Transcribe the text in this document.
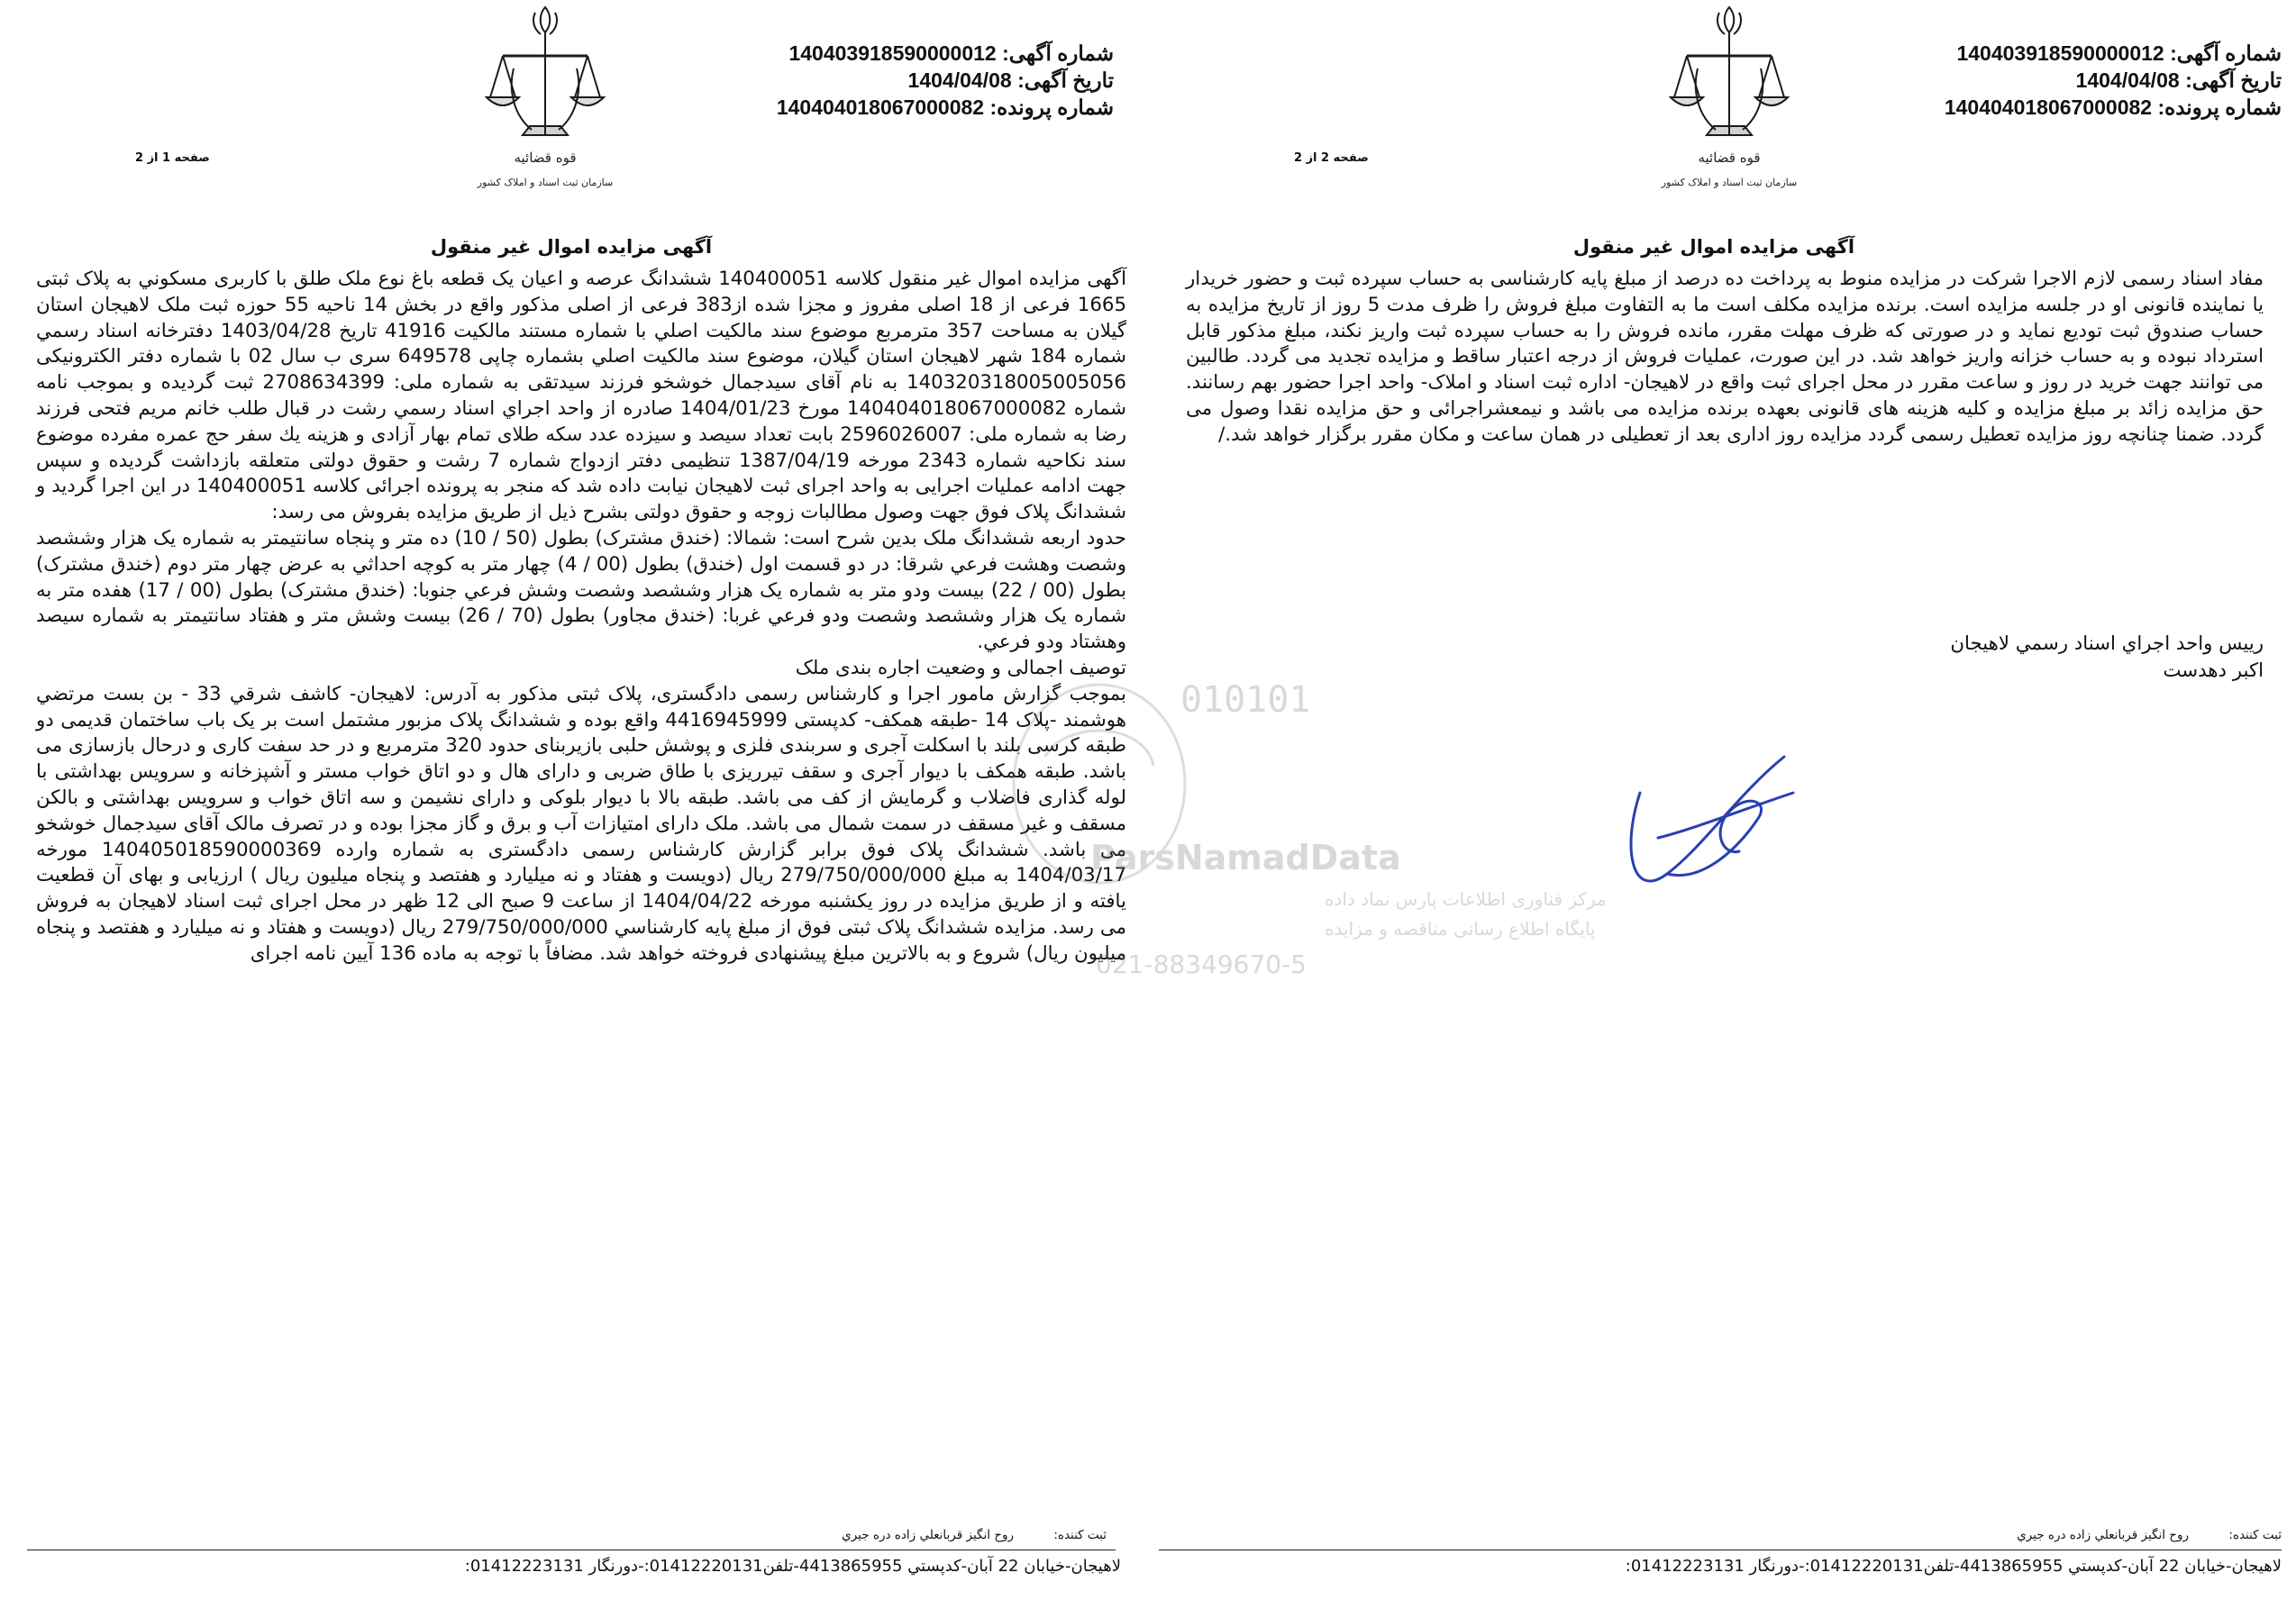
شماره آگهی: 140403918590000012
تاریخ آگهی: 1404/04/08
شماره پرونده: 140404018067000082
قوه قضائیه
سازمان ثبت اسناد و املاک کشور
صفحه 1 از 2
آگهی مزایده اموال غیر منقول
آگهی مزایده اموال غیر منقول کلاسه 140400051 ششدانگ عرصه و اعیان یک قطعه باغ نوع ملک طلق با کاربری مسکوني به پلاک ثبتی 1665 فرعی از 18 اصلی مفروز و مجزا شده از383 فرعی از اصلی مذکور واقع در بخش 14 ناحیه 55 حوزه ثبت ملک لاهیجان استان گیلان به مساحت 357 مترمربع موضوع سند مالکیت اصلي با شماره مستند مالکیت 41916 تاریخ 1403/04/28 دفترخانه اسناد رسمي شماره 184 شهر لاهیجان استان گیلان، موضوع سند مالکیت اصلي بشماره چاپی 649578 سری ب سال 02 با شماره دفتر الکترونیکی 140320318005005056 به نام آقای سیدجمال خوشخو فرزند سیدتقی به شماره ملی: 2708634399 ثبت گردیده و بموجب نامه شماره 140404018067000082 مورخ 1404/01/23 صادره از واحد اجراي اسناد رسمي رشت در قبال طلب خانم مریم فتحی فرزند رضا به شماره ملی: 2596026007 بابت تعداد سیصد و سیزده عدد سکه طلای تمام بهار آزادی و هزینه يك سفر حج عمره مفرده موضوع سند نکاحیه شماره 2343 مورخه 1387/04/19 تنظیمی دفتر ازدواج شماره 7 رشت و حقوق دولتی متعلقه بازداشت گردیده و سپس جهت ادامه عملیات اجرایی به واحد اجرای ثبت لاهیجان نیابت داده شد که منجر به پرونده اجرائی کلاسه 140400051 در این اجرا گردید و ششدانگ پلاک فوق جهت وصول مطالبات زوجه و حقوق دولتی بشرح ذیل از طریق مزایده بفروش می رسد:
حدود اربعه ششدانگ ملک بدین شرح است: شمالا: (خندق مشترک) بطول (50 / 10) ده متر و پنجاه سانتیمتر به شماره یک هزار وششصد وشصت وهشت فرعي شرقا: در دو قسمت اول (خندق) بطول (00 / 4) چهار متر به کوچه احداثي به عرض چهار متر دوم (خندق مشترک) بطول (00 / 22) بیست ودو متر به شماره یک هزار وششصد وشصت وشش فرعي جنوبا: (خندق مشترک) بطول (00 / 17) هفده متر به شماره یک هزار وششصد وشصت ودو فرعي غربا: (خندق مجاور) بطول (70 / 26) بیست وشش متر و هفتاد سانتیمتر به شماره سیصد وهشتاد ودو فرعي.
توصیف اجمالی و وضعیت اجاره بندی ملک
بموجب گزارش مامور اجرا و کارشناس رسمی دادگستری، پلاک ثبتی مذکور به آدرس: لاهیجان- کاشف شرقي 33 - بن بست مرتضي هوشمند -پلاک 14 -طبقه همکف- کدپستی 4416945999 واقع بوده و ششدانگ پلاک مزبور مشتمل است بر یک باب ساختمان قدیمی دو طبقه کرسی بلند با اسکلت آجری و سربندی فلزی و پوشش حلبی بازیربنای حدود 320 مترمربع و در حد سفت کاری و درحال بازسازی می باشد. طبقه همکف با دیوار آجری و سقف تیرریزی با طاق ضربی و دارای هال و دو اتاق خواب مستر و آشپزخانه و سرویس بهداشتی با لوله گذاری فاضلاب و گرمایش از کف می باشد. طبقه بالا با دیوار بلوکی و دارای نشیمن و سه اتاق خواب و سرویس بهداشتی و بالکن مسقف و غیر مسقف در سمت شمال می باشد. ملک دارای امتیازات آب و برق و گاز مجزا بوده و در تصرف مالک آقای سیدجمال خوشخو می باشد. ششدانگ پلاک فوق برابر گزارش کارشناس رسمی دادگستری به شماره وارده 140405018590000369 مورخه 1404/03/17 به مبلغ 279/750/000/000 ریال (دویست و هفتاد و نه میلیارد و هفتصد و پنجاه میلیون ریال ) ارزیابی و بهای آن قطعیت یافته و از طریق مزایده در روز یکشنبه مورخه 1404/04/22 از ساعت 9 صبح الی 12 ظهر در محل اجرای ثبت اسناد لاهیجان به فروش می رسد. مزایده ششدانگ پلاک ثبتی فوق از مبلغ پایه کارشناسي 279/750/000/000 ریال (دویست و هفتاد و نه میلیارد و هفتصد و پنجاه میلیون ریال) شروع و به بالاترین مبلغ پیشنهادی فروخته خواهد شد. مضافاً با توجه به ماده 136 آیین نامه اجرای
ثبت کننده: روح انگیز قربانعلي زاده دره جيري
لاهیجان-خیابان 22 آبان-کدپستي 4413865955-تلفن01412220131:-دورنگار 01412223131:
شماره آگهی: 140403918590000012
تاریخ آگهی: 1404/04/08
شماره پرونده: 140404018067000082
قوه قضائیه
سازمان ثبت اسناد و املاک کشور
صفحه 2 از 2
آگهی مزایده اموال غیر منقول
مفاد اسناد رسمی لازم الاجرا شرکت در مزایده منوط به پرداخت ده درصد از مبلغ پایه کارشناسی به حساب سپرده ثبت و حضور خریدار یا نماینده قانونی او در جلسه مزایده است. برنده مزایده مکلف است ما به التفاوت مبلغ فروش را ظرف مدت 5 روز از تاریخ مزایده به حساب صندوق ثبت تودیع نماید و در صورتی که ظرف مهلت مقرر، مانده فروش را به حساب سپرده ثبت واریز نکند، مبلغ مذکور قابل استرداد نبوده و به حساب خزانه واریز خواهد شد. در این صورت، عملیات فروش از درجه اعتبار ساقط و مزایده تجدید می گردد. طالبین می توانند جهت خرید در روز و ساعت مقرر در محل اجرای ثبت واقع در لاهیجان- اداره ثبت اسناد و املاک- واحد اجرا حضور بهم رسانند. حق مزایده زائد بر مبلغ مزایده و کلیه هزینه های قانونی بعهده برنده مزایده می باشد و نیمعشراجرائی و حق مزایده نقدا وصول می گردد. ضمنا چنانچه روز مزایده تعطیل رسمی گردد مزایده روز اداری بعد از تعطیلی در همان ساعت و مکان مقرر برگزار خواهد شد./
رییس واحد اجراي اسناد رسمي لاهیجان
اکبر دهدست
ثبت کننده: روح انگیز قربانعلي زاده دره جيري
لاهیجان-خیابان 22 آبان-کدپستي 4413865955-تلفن01412220131:-دورنگار 01412223131:
010101
ParsNamadData
مرکز فناوری اطلاعات پارس نماد داده
پایگاه اطلاع رسانی مناقصه و مزایده
021-88349670-5
